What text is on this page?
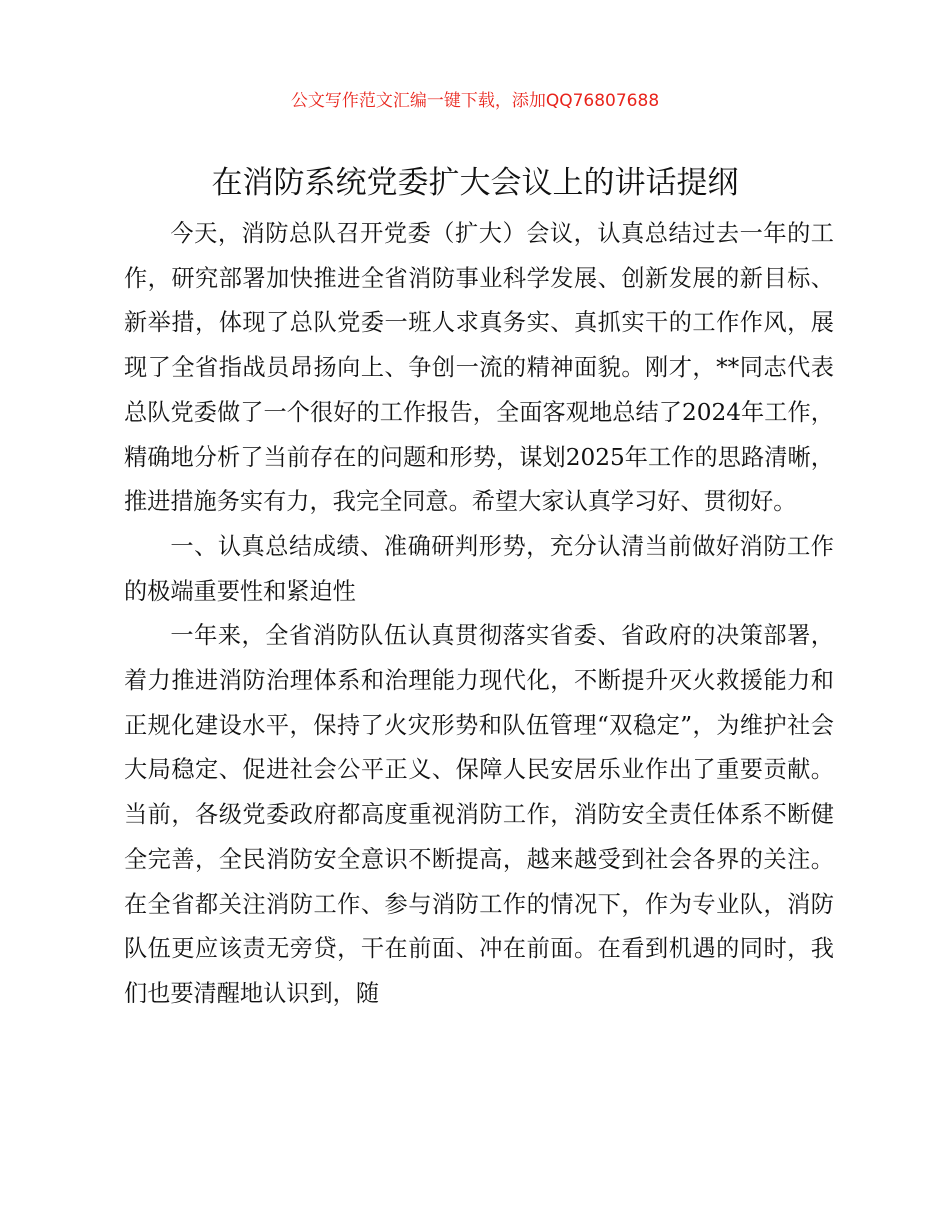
公文写作范文汇编一键下载，添加QQ76807688
在消防系统党委扩大会议上的讲话提纲

今天，消防总队召开党委（扩大）会议，认真总结过去一年的工作，研究部署加快推进全省消防事业科学发展、创新发展的新目标、新举措，体现了总队党委一班人求真务实、真抓实干的工作作风，展现了全省指战员昂扬向上、争创一流的精神面貌。刚才，**同志代表总队党委做了一个很好的工作报告，全面客观地总结了2024年工作，精确地分析了当前存在的问题和形势，谋划2025年工作的思路清晰，推进措施务实有力，我完全同意。希望大家认真学习好、贯彻好。

一、认真总结成绩、准确研判形势，充分认清当前做好消防工作的极端重要性和紧迫性

一年来，全省消防队伍认真贯彻落实省委、省政府的决策部署，着力推进消防治理体系和治理能力现代化，不断提升灭火救援能力和正规化建设水平，保持了火灾形势和队伍管理“双稳定”，为维护社会大局稳定、促进社会公平正义、保障人民安居乐业作出了重要贡献。当前，各级党委政府都高度重视消防工作，消防安全责任体系不断健全完善，全民消防安全意识不断提高，越来越受到社会各界的关注。在全省都关注消防工作、参与消防工作的情况下，作为专业队，消防队伍更应该责无旁贷，干在前面、冲在前面。在看到机遇的同时，我们也要清醒地认识到，随
